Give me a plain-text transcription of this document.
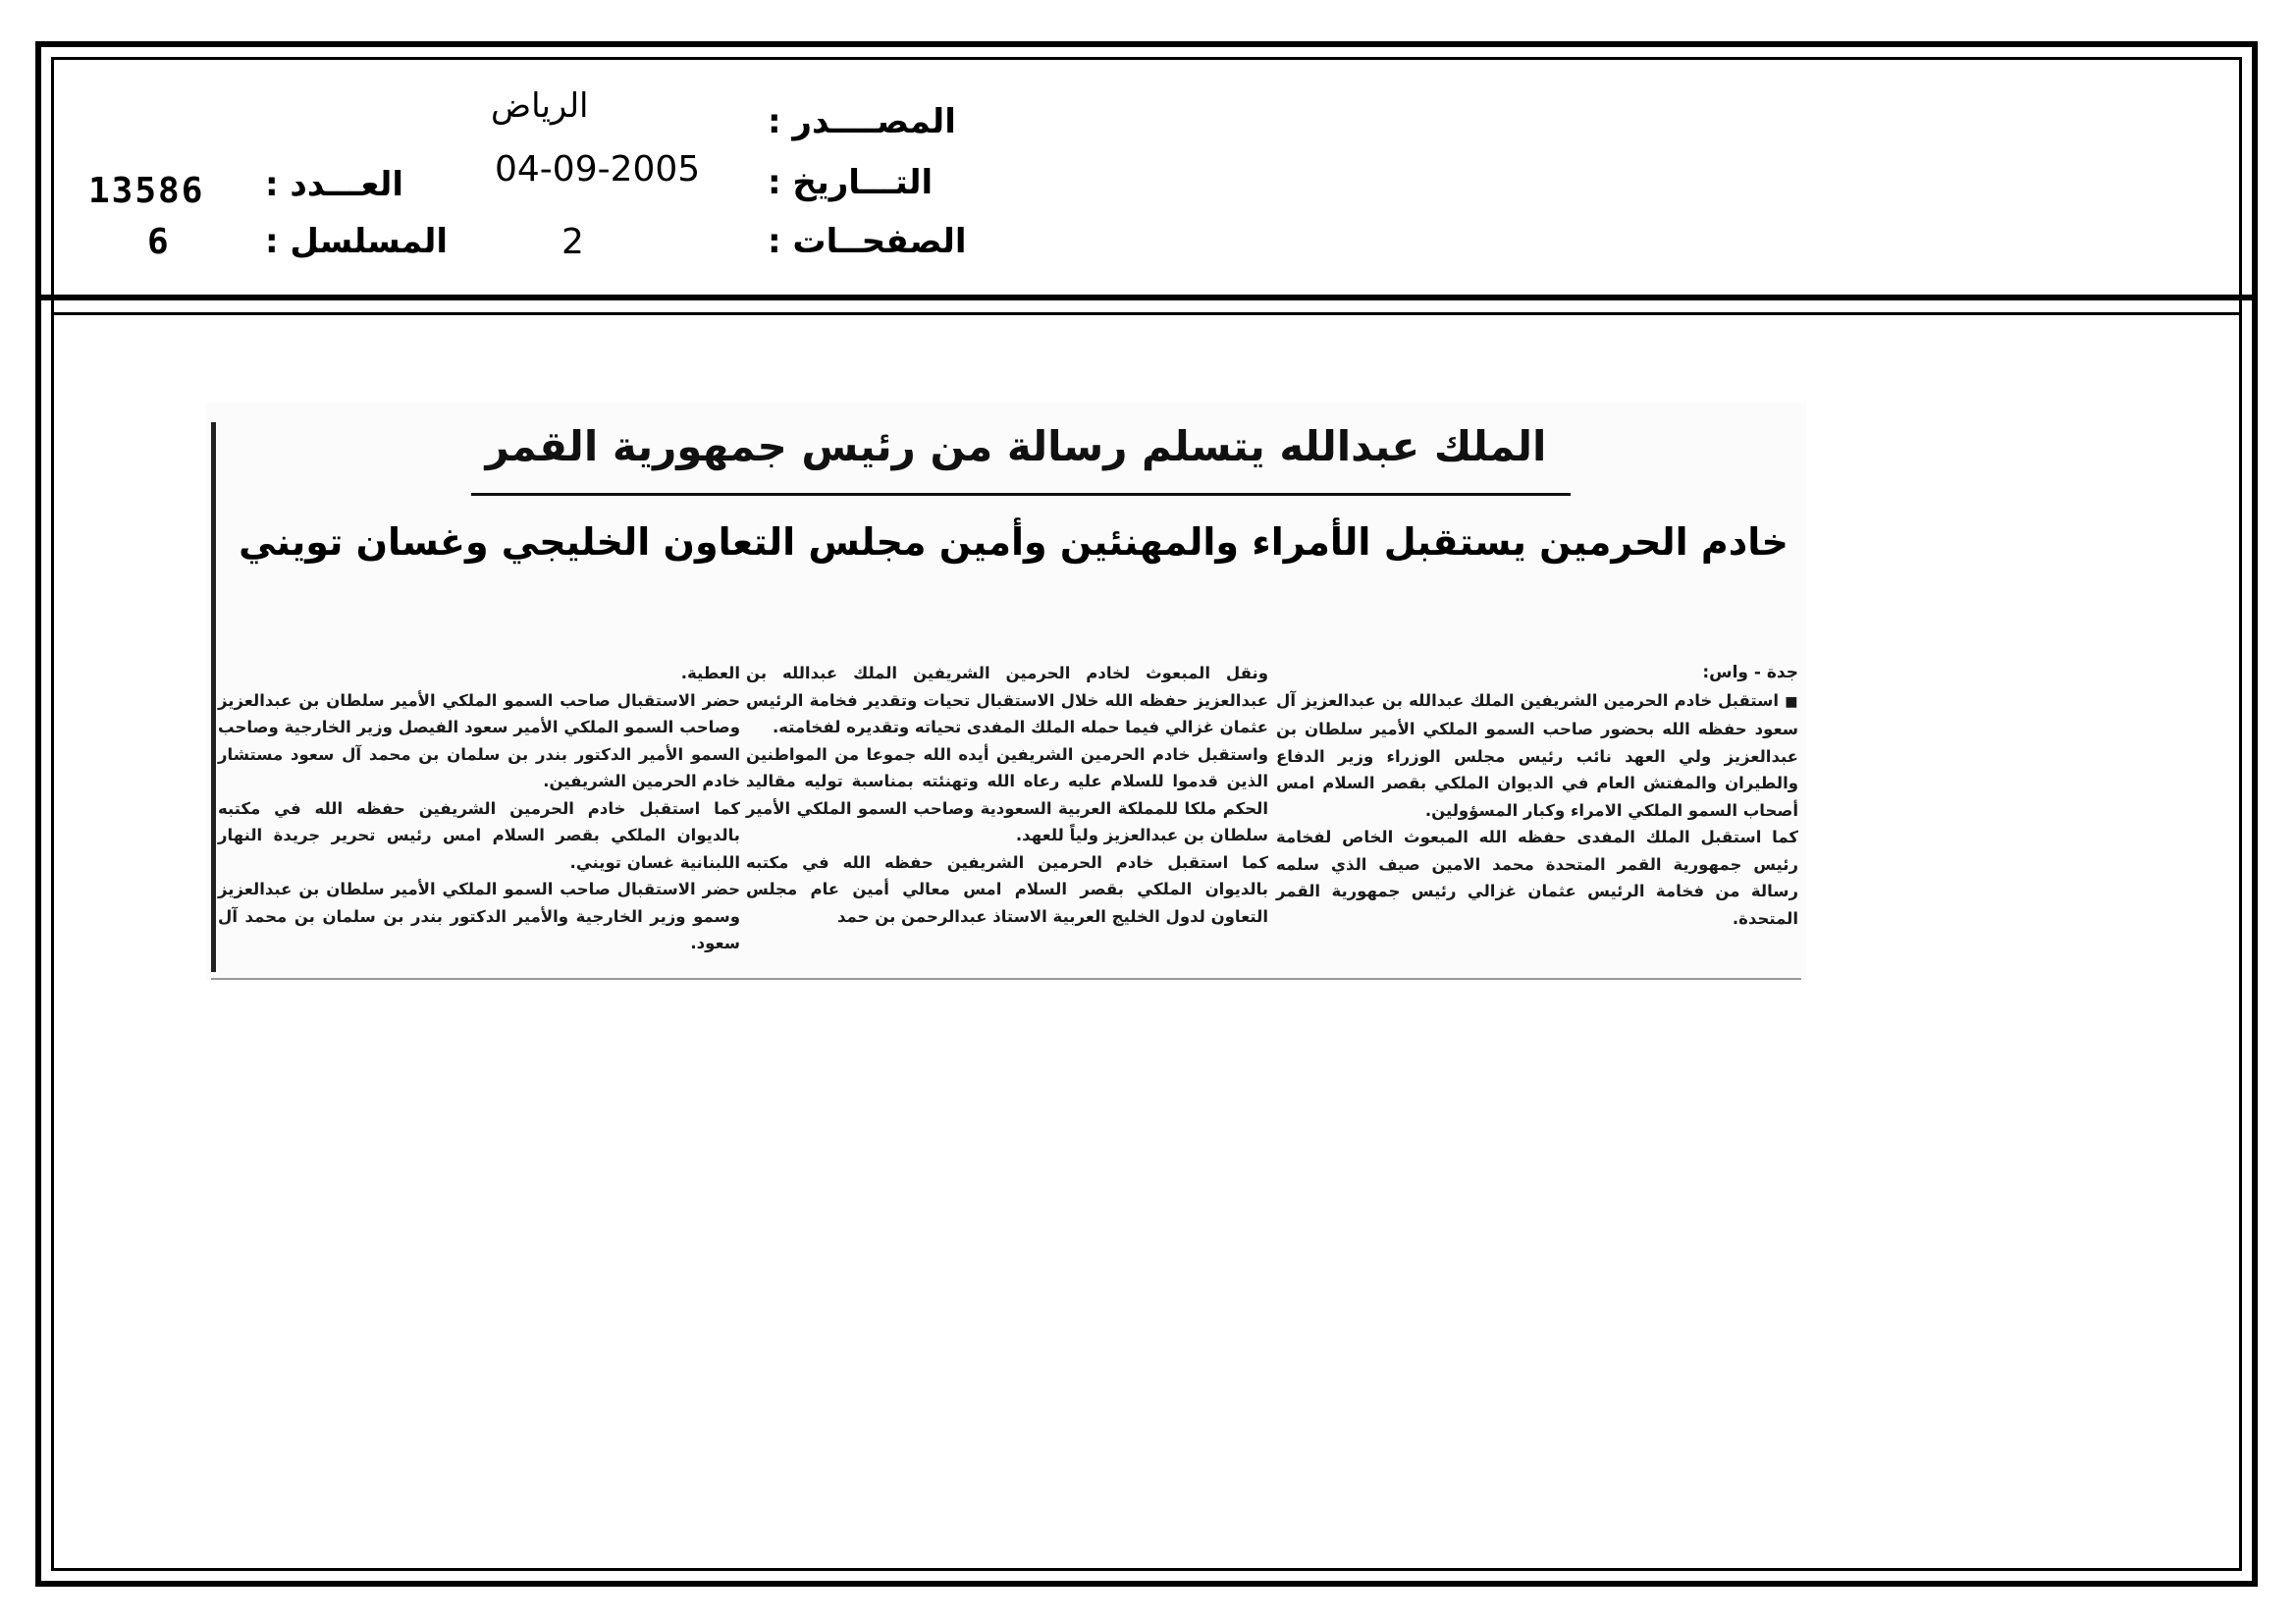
الرياض	المصــــدر :
04-09-2005 التـــاريخ :
2	الصفحــات :
13586 العـــدد :
6	المسلسل :
الملك عبدالله يتسلم رسالة من رئيس جمهورية القمر
خادم الحرمين يستقبل الأمراء والمهنئين وأمين مجلس التعاون الخليجي وغسان تويني

جدة - واس:

■ استقبل خادم الحرمين الشريفين الملك عبدالله بن عبدالعزيز آل سعود حفظه الله بحضور صاحب السمو الملكي الأمير سلطان بن عبدالعزيز ولي العهد نائب رئيس مجلس الوزراء وزير الدفاع والطيران والمفتش العام في الديوان الملكي بقصر السلام امس أصحاب السمو الملكي الامراء وكبار المسؤولين.

كما استقبل الملك المفدى حفظه الله المبعوث الخاص لفخامة رئيس جمهورية القمر المتحدة محمد الامين صيف الذي سلمه رسالة من فخامة الرئيس عثمان غزالي رئيس جمهورية القمر المتحدة.

ونقل المبعوث لخادم الحرمين الشريفين الملك عبدالله بن عبدالعزيز حفظه الله خلال الاستقبال تحيات وتقدير فخامة الرئيس عثمان غزالي فيما حمله الملك المفدى تحياته وتقديره لفخامته.

واستقبل خادم الحرمين الشريفين أيده الله جموعا من المواطنين الذين قدموا للسلام عليه رعاه الله وتهنئته بمناسبة توليه مقاليد الحكم ملكا للمملكة العربية السعودية وصاحب السمو الملكي الأمير سلطان بن عبدالعزيز ولياً للعهد.

كما استقبل خادم الحرمين الشريفين حفظه الله في مكتبه بالديوان الملكي بقصر السلام امس معالي أمين عام مجلس التعاون لدول الخليج العربية الاستاذ عبدالرحمن بن حمد

العطية.

حضر الاستقبال صاحب السمو الملكي الأمير سلطان بن عبدالعزيز وصاحب السمو الملكي الأمير سعود الفيصل وزير الخارجية وصاحب السمو الأمير الدكتور بندر بن سلمان بن محمد آل سعود مستشار خادم الحرمين الشريفين.

كما استقبل خادم الحرمين الشريفين حفظه الله في مكتبه بالديوان الملكي بقصر السلام امس رئيس تحرير جريدة النهار اللبنانية غسان تويني.

حضر الاستقبال صاحب السمو الملكي الأمير سلطان بن عبدالعزيز وسمو وزير الخارجية والأمير الدكتور بندر بن سلمان بن محمد آل سعود.
